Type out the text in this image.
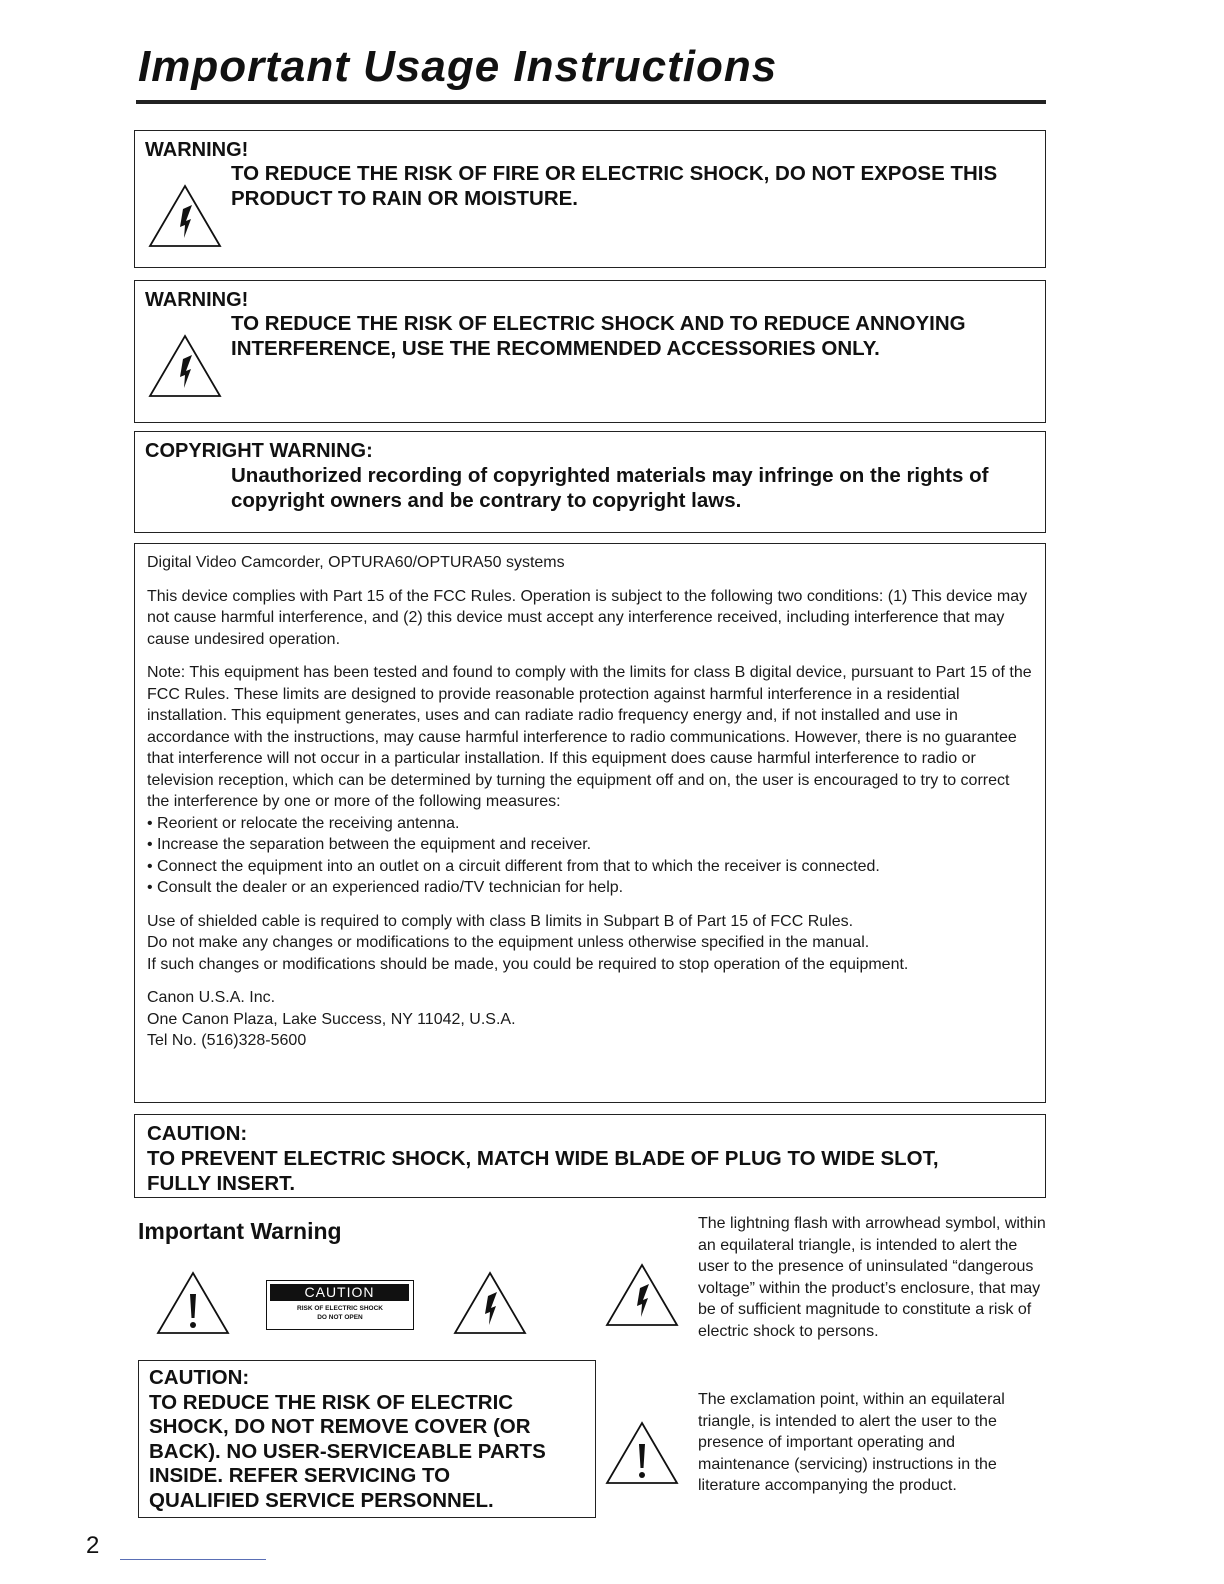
Important Usage Instructions
WARNING!
TO REDUCE THE RISK OF FIRE OR ELECTRIC SHOCK, DO NOT EXPOSE THIS
PRODUCT TO RAIN OR MOISTURE.
WARNING!
TO REDUCE THE RISK OF ELECTRIC SHOCK AND TO REDUCE ANNOYING
INTERFERENCE, USE THE RECOMMENDED ACCESSORIES ONLY.
COPYRIGHT WARNING:
Unauthorized recording of copyrighted materials may infringe on the rights of
copyright owners and be contrary to copyright laws.

Digital Video Camcorder, OPTURA60/OPTURA50 systems

This device complies with Part 15 of the FCC Rules. Operation is subject to the following two conditions: (1) This device may not cause harmful interference, and (2) this device must accept any interference received, including interference that may cause undesired operation.

Note: This equipment has been tested and found to comply with the limits for class B digital device, pursuant to Part 15 of the FCC Rules. These limits are designed to provide reasonable protection against harmful interference in a residential installation. This equipment generates, uses and can radiate radio frequency energy and, if not installed and use in accordance with the instructions, may cause harmful interference to radio communications. However, there is no guarantee that interference will not occur in a particular installation. If this equipment does cause harmful interference to radio or television reception, which can be determined by turning the equipment off and on, the user is encouraged to try to correct the interference by one or more of the following measures:

• Reorient or relocate the receiving antenna.
• Increase the separation between the equipment and receiver.
• Connect the equipment into an outlet on a circuit different from that to which the receiver is connected.
• Consult the dealer or an experienced radio/TV technician for help.
Use of shielded cable is required to comply with class B limits in Subpart B of Part 15 of FCC Rules.
Do not make any changes or modifications to the equipment unless otherwise specified in the manual.
If such changes or modifications should be made, you could be required to stop operation of the equipment.
Canon U.S.A. Inc.
One Canon Plaza, Lake Success, NY 11042, U.S.A.
Tel No. (516)328-5600
CAUTION:
TO PREVENT ELECTRIC SHOCK, MATCH WIDE BLADE OF PLUG TO WIDE SLOT,
FULLY INSERT.
Important Warning
CAUTION
RISK OF ELECTRIC SHOCK
DO NOT OPEN
CAUTION:
TO REDUCE THE RISK OF ELECTRIC
SHOCK, DO NOT REMOVE COVER (OR
BACK). NO USER-SERVICEABLE PARTS
INSIDE. REFER SERVICING TO
QUALIFIED SERVICE PERSONNEL.
The lightning flash with arrowhead symbol, within an equilateral triangle, is intended to alert the user to the presence of uninsulated “dangerous voltage” within the product’s enclosure, that may be of sufficient magnitude to constitute a risk of electric shock to persons.
The exclamation point, within an equilateral triangle, is intended to alert the user to the presence of important operating and maintenance (servicing) instructions in the literature accompanying the product.
2
